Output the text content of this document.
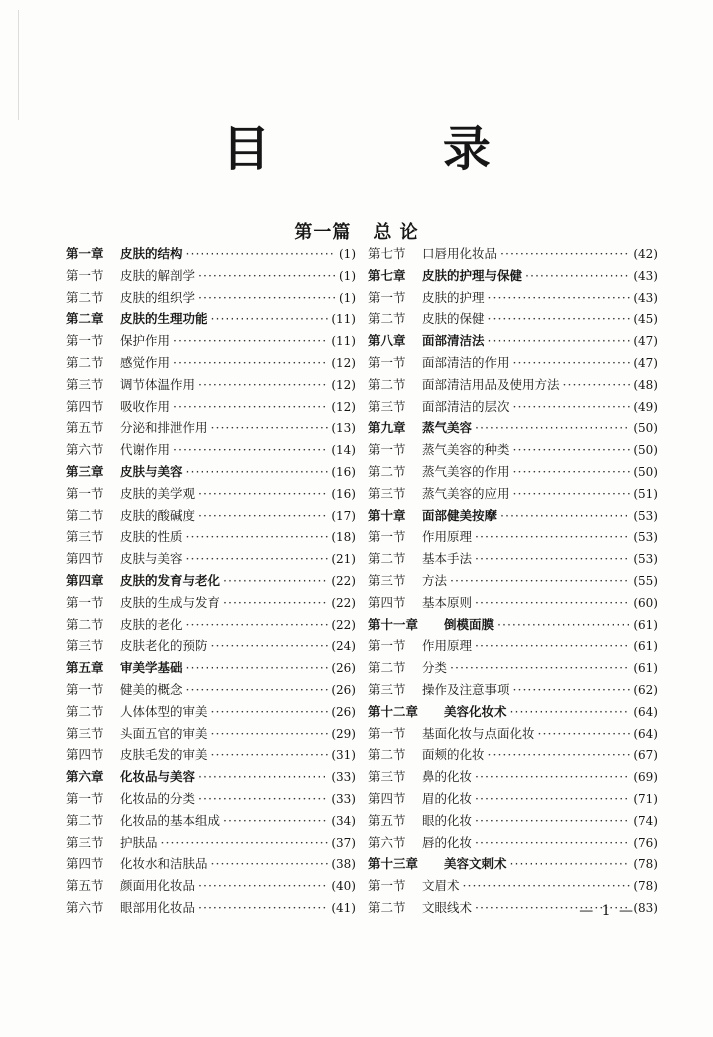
目 录
第一篇 总 论
第一章	皮肤的结构 ·····	(1)
第一节	皮肤的解剖学 ·····	(1)
第二节	皮肤的组织学 ·····	(1)
第二章	皮肤的生理功能 ·····	(11)
第一节	保护作用 ·····	(11)
第二节	感觉作用 ·····	(12)
第三节	调节体温作用 ·····	(12)
第四节	吸收作用 ·····	(12)
第五节	分泌和排泄作用 ·····	(13)
第六节	代谢作用 ·····	(14)
第三章	皮肤与美容 ·····	(16)
第一节	皮肤的美学观 ·····	(16)
第二节	皮肤的酸碱度 ·····	(17)
第三节	皮肤的性质 ·····	(18)
第四节	皮肤与美容 ·····	(21)
第四章	皮肤的发育与老化 ·····	(22)
第一节	皮肤的生成与发育 ·····	(22)
第二节	皮肤的老化 ·····	(22)
第三节	皮肤老化的预防 ·····	(24)
第五章	审美学基础 ·····	(26)
第一节	健美的概念 ·····	(26)
第二节	人体体型的审美 ·····	(26)
第三节	头面五官的审美 ·····	(29)
第四节	皮肤毛发的审美 ·····	(31)
第六章	化妆品与美容 ·····	(33)
第一节	化妆品的分类 ·····	(33)
第二节	化妆品的基本组成 ·····	(34)
第三节	护肤品 ·····	(37)
第四节	化妆水和洁肤品 ·····	(38)
第五节	颜面用化妆品 ·····	(40)
第六节	眼部用化妆品 ·····	(41)
第七节	口唇用化妆品 ·····	(42)
第七章	皮肤的护理与保健 ·····	(43)
第一节	皮肤的护理 ·····	(43)
第二节	皮肤的保健 ·····	(45)
第八章	面部清洁法 ·····	(47)
第一节	面部清洁的作用 ·····	(47)
第二节	面部清洁用品及使用方法 ·····	(48)
第三节	面部清洁的层次 ·····	(49)
第九章	蒸气美容 ·····	(50)
第一节	蒸气美容的种类 ·····	(50)
第二节	蒸气美容的作用 ·····	(50)
第三节	蒸气美容的应用 ·····	(51)
第十章	面部健美按摩 ·····	(53)
第一节	作用原理 ·····	(53)
第二节	基本手法 ·····	(53)
第三节	方法 ·····	(55)
第四节	基本原则 ·····	(60)
第十一章	倒模面膜 ·····	(61)
第一节	作用原理 ·····	(61)
第二节	分类 ·····	(61)
第三节	操作及注意事项 ·····	(62)
第十二章	美容化妆术 ·····	(64)
第一节	基面化妆与点面化妆 ·····	(64)
第二节	面颊的化妆 ·····	(67)
第三节	鼻的化妆 ·····	(69)
第四节	眉的化妆 ·····	(71)
第五节	眼的化妆 ·····	(74)
第六节	唇的化妆 ·····	(76)
第十三章	美容文刺术 ·····	(78)
第一节	文眉术 ·····	(78)
第二节	文眼线术 ·····	(83)
— 1 —
